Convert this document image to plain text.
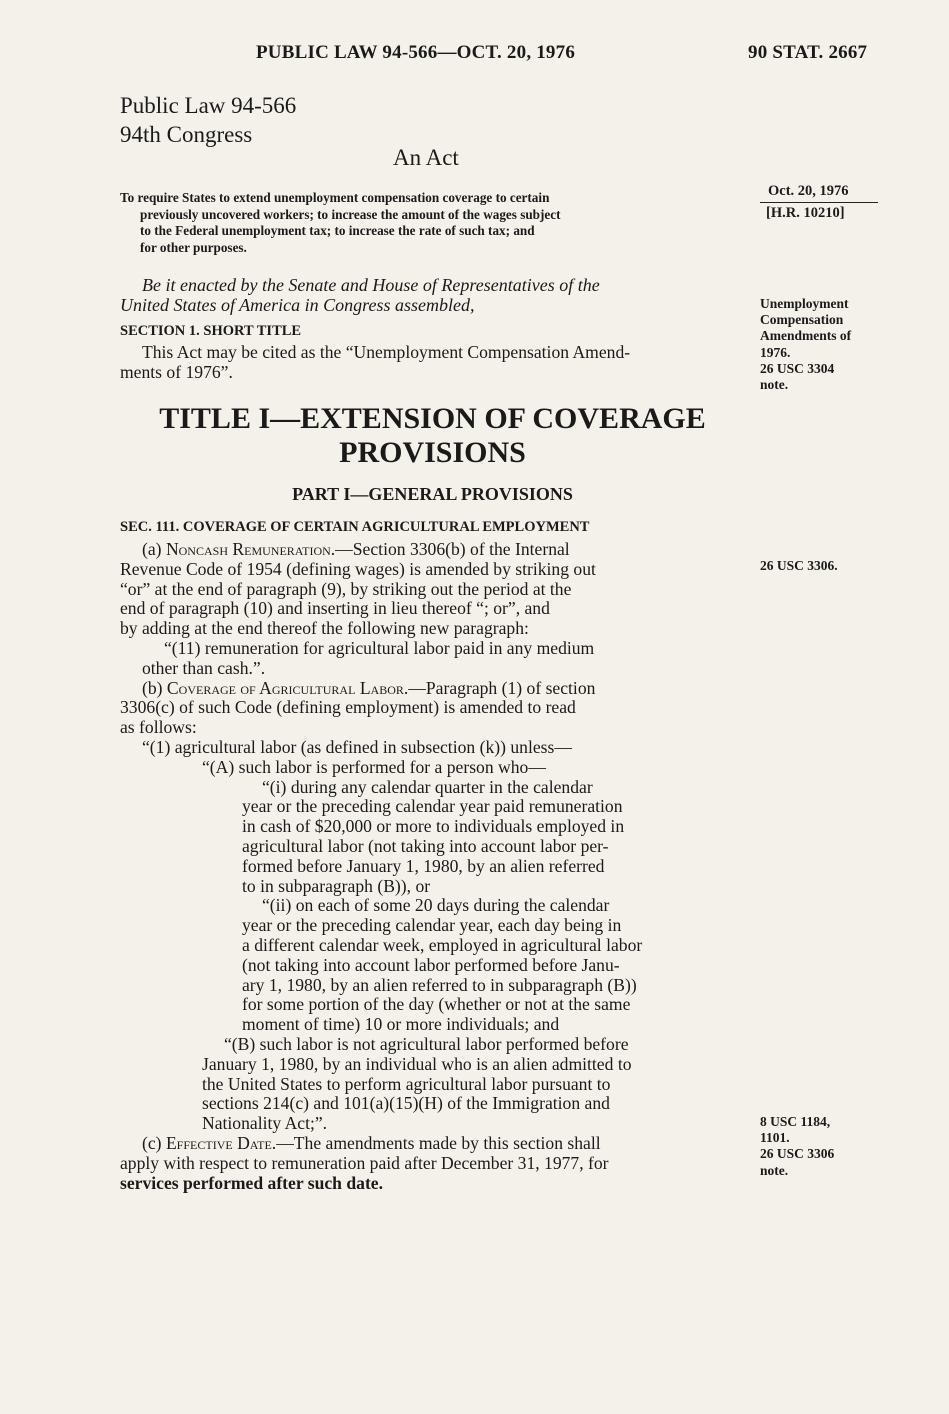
PUBLIC LAW 94-566—OCT. 20, 1976	90 STAT. 2667
Public Law 94-566
94th Congress
An Act

To require States to extend unemployment compensation coverage to certain

previously uncovered workers; to increase the amount of the wages subject

to the Federal unemployment tax; to increase the rate of such tax; and

for other purposes.

Oct. 20, 1976
[H.R. 10210]

Be it enacted by the Senate and House of Representatives of the

United States of America in Congress assembled,

SECTION 1. SHORT TITLE

This Act may be cited as the “Unemployment Compensation Amend-

ments of 1976”.

Unemployment
Compensation
Amendments of
1976.
26 USC 3304
note.
TITLE I—EXTENSION OF COVERAGE
PROVISIONS
PART I—GENERAL PROVISIONS
SEC. 111. COVERAGE OF CERTAIN AGRICULTURAL EMPLOYMENT

(a) Noncash Remuneration.—Section 3306(b) of the Internal

Revenue Code of 1954 (defining wages) is amended by striking out

“or” at the end of paragraph (9), by striking out the period at the

end of paragraph (10) and inserting in lieu thereof “; or”, and

by adding at the end thereof the following new paragraph:

“(11) remuneration for agricultural labor paid in any medium

other than cash.”.

(b) Coverage of Agricultural Labor.—Paragraph (1) of section

3306(c) of such Code (defining employment) is amended to read

as follows:

“(1) agricultural labor (as defined in subsection (k)) unless—

“(A) such labor is performed for a person who—

“(i) during any calendar quarter in the calendar

year or the preceding calendar year paid remuneration

in cash of $20,000 or more to individuals employed in

agricultural labor (not taking into account labor per-

formed before January 1, 1980, by an alien referred

to in subparagraph (B)), or

“(ii) on each of some 20 days during the calendar

year or the preceding calendar year, each day being in

a different calendar week, employed in agricultural labor

(not taking into account labor performed before Janu-

ary 1, 1980, by an alien referred to in subparagraph (B))

for some portion of the day (whether or not at the same

moment of time) 10 or more individuals; and

“(B) such labor is not agricultural labor performed before

January 1, 1980, by an individual who is an alien admitted to

the United States to perform agricultural labor pursuant to

sections 214(c) and 101(a)(15)(H) of the Immigration and

Nationality Act;”.

(c) Effective Date.—The amendments made by this section shall

apply with respect to remuneration paid after December 31, 1977, for

services performed after such date.

26 USC 3306.
8 USC 1184,
1101.
26 USC 3306
note.
